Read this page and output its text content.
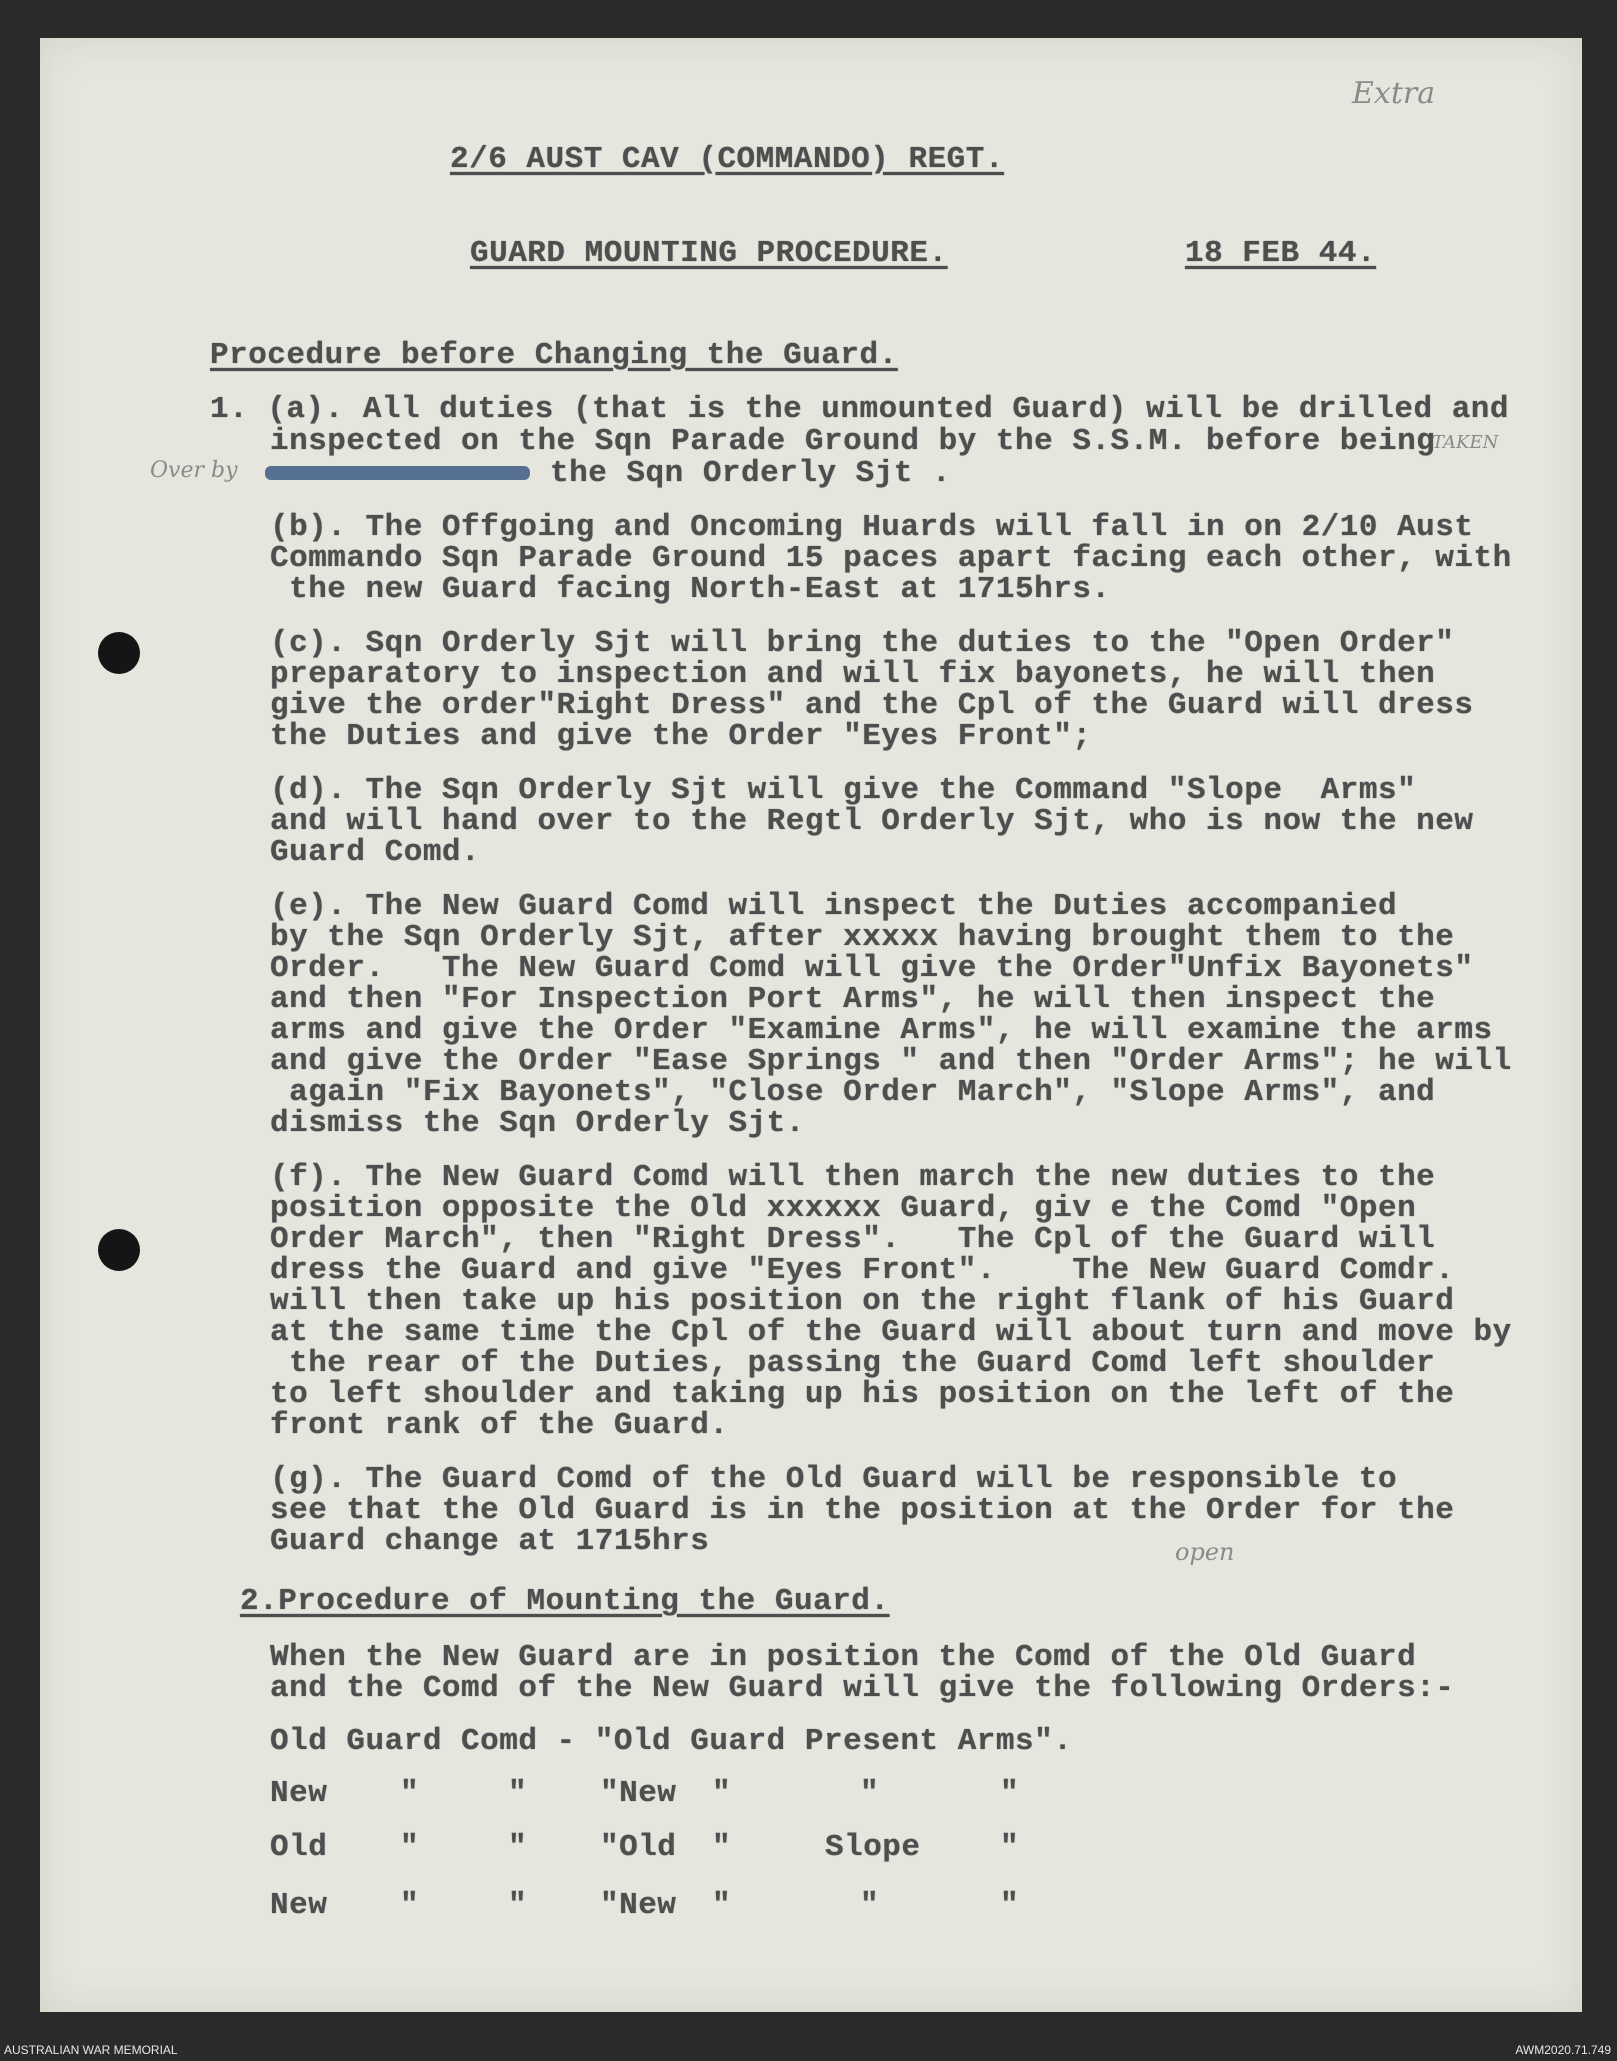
Extra
2/6 AUST CAV (COMMANDO) REGT.
GUARD MOUNTING PROCEDURE.	18 FEB 44.
Procedure before Changing the Guard.
1. (a). All duties (that is the unmounted Guard) will be drilled and
inspected on the Sqn Parade Ground by the S.S.M. before being
TAKEN
Over by	the Sqn Orderly Sjt .
(b). The Offgoing and Oncoming Huards will fall in on 2/10 Aust
Commando Sqn Parade Ground 15 paces apart facing each other, with
the new Guard facing North-East at 1715hrs.
(c). Sqn Orderly Sjt will bring the duties to the "Open Order"
preparatory to inspection and will fix bayonets, he will then
give the order"Right Dress" and the Cpl of the Guard will dress
the Duties and give the Order "Eyes Front";
(d). The Sqn Orderly Sjt will give the Command "Slope  Arms"
and will hand over to the Regtl Orderly Sjt, who is now the new
Guard Comd.
(e). The New Guard Comd will inspect the Duties accompanied
by the Sqn Orderly Sjt, after xxxxx having brought them to the
Order.   The New Guard Comd will give the Order"Unfix Bayonets"
and then "For Inspection Port Arms", he will then inspect the
arms and give the Order "Examine Arms", he will examine the arms
and give the Order "Ease Springs " and then "Order Arms"; he will
again "Fix Bayonets", "Close Order March", "Slope Arms", and
dismiss the Sqn Orderly Sjt.
(f). The New Guard Comd will then march the new duties to the
position opposite the Old xxxxxx Guard, giv e the Comd "Open
Order March", then "Right Dress".   The Cpl of the Guard will
dress the Guard and give "Eyes Front".    The New Guard Comdr.
will then take up his position on the right flank of his Guard
at the same time the Cpl of the Guard will about turn and move by
the rear of the Duties, passing the Guard Comd left shoulder
to left shoulder and taking up his position on the left of the
front rank of the Guard.
(g). The Guard Comd of the Old Guard will be responsible to
see that the Old Guard is in the position at the Order for the
Guard change at 1715hrs	open
2.Procedure of Mounting the Guard.
When the New Guard are in position the Comd of the Old Guard
and the Comd of the New Guard will give the following Orders:-
Old Guard Comd - "Old Guard Present Arms".
New "	" "New "	"	"
Old "	" "Old "	Slope	"
New "	" "New "	"	"
AUSTRALIAN WAR MEMORIAL	AWM2020.71.749
